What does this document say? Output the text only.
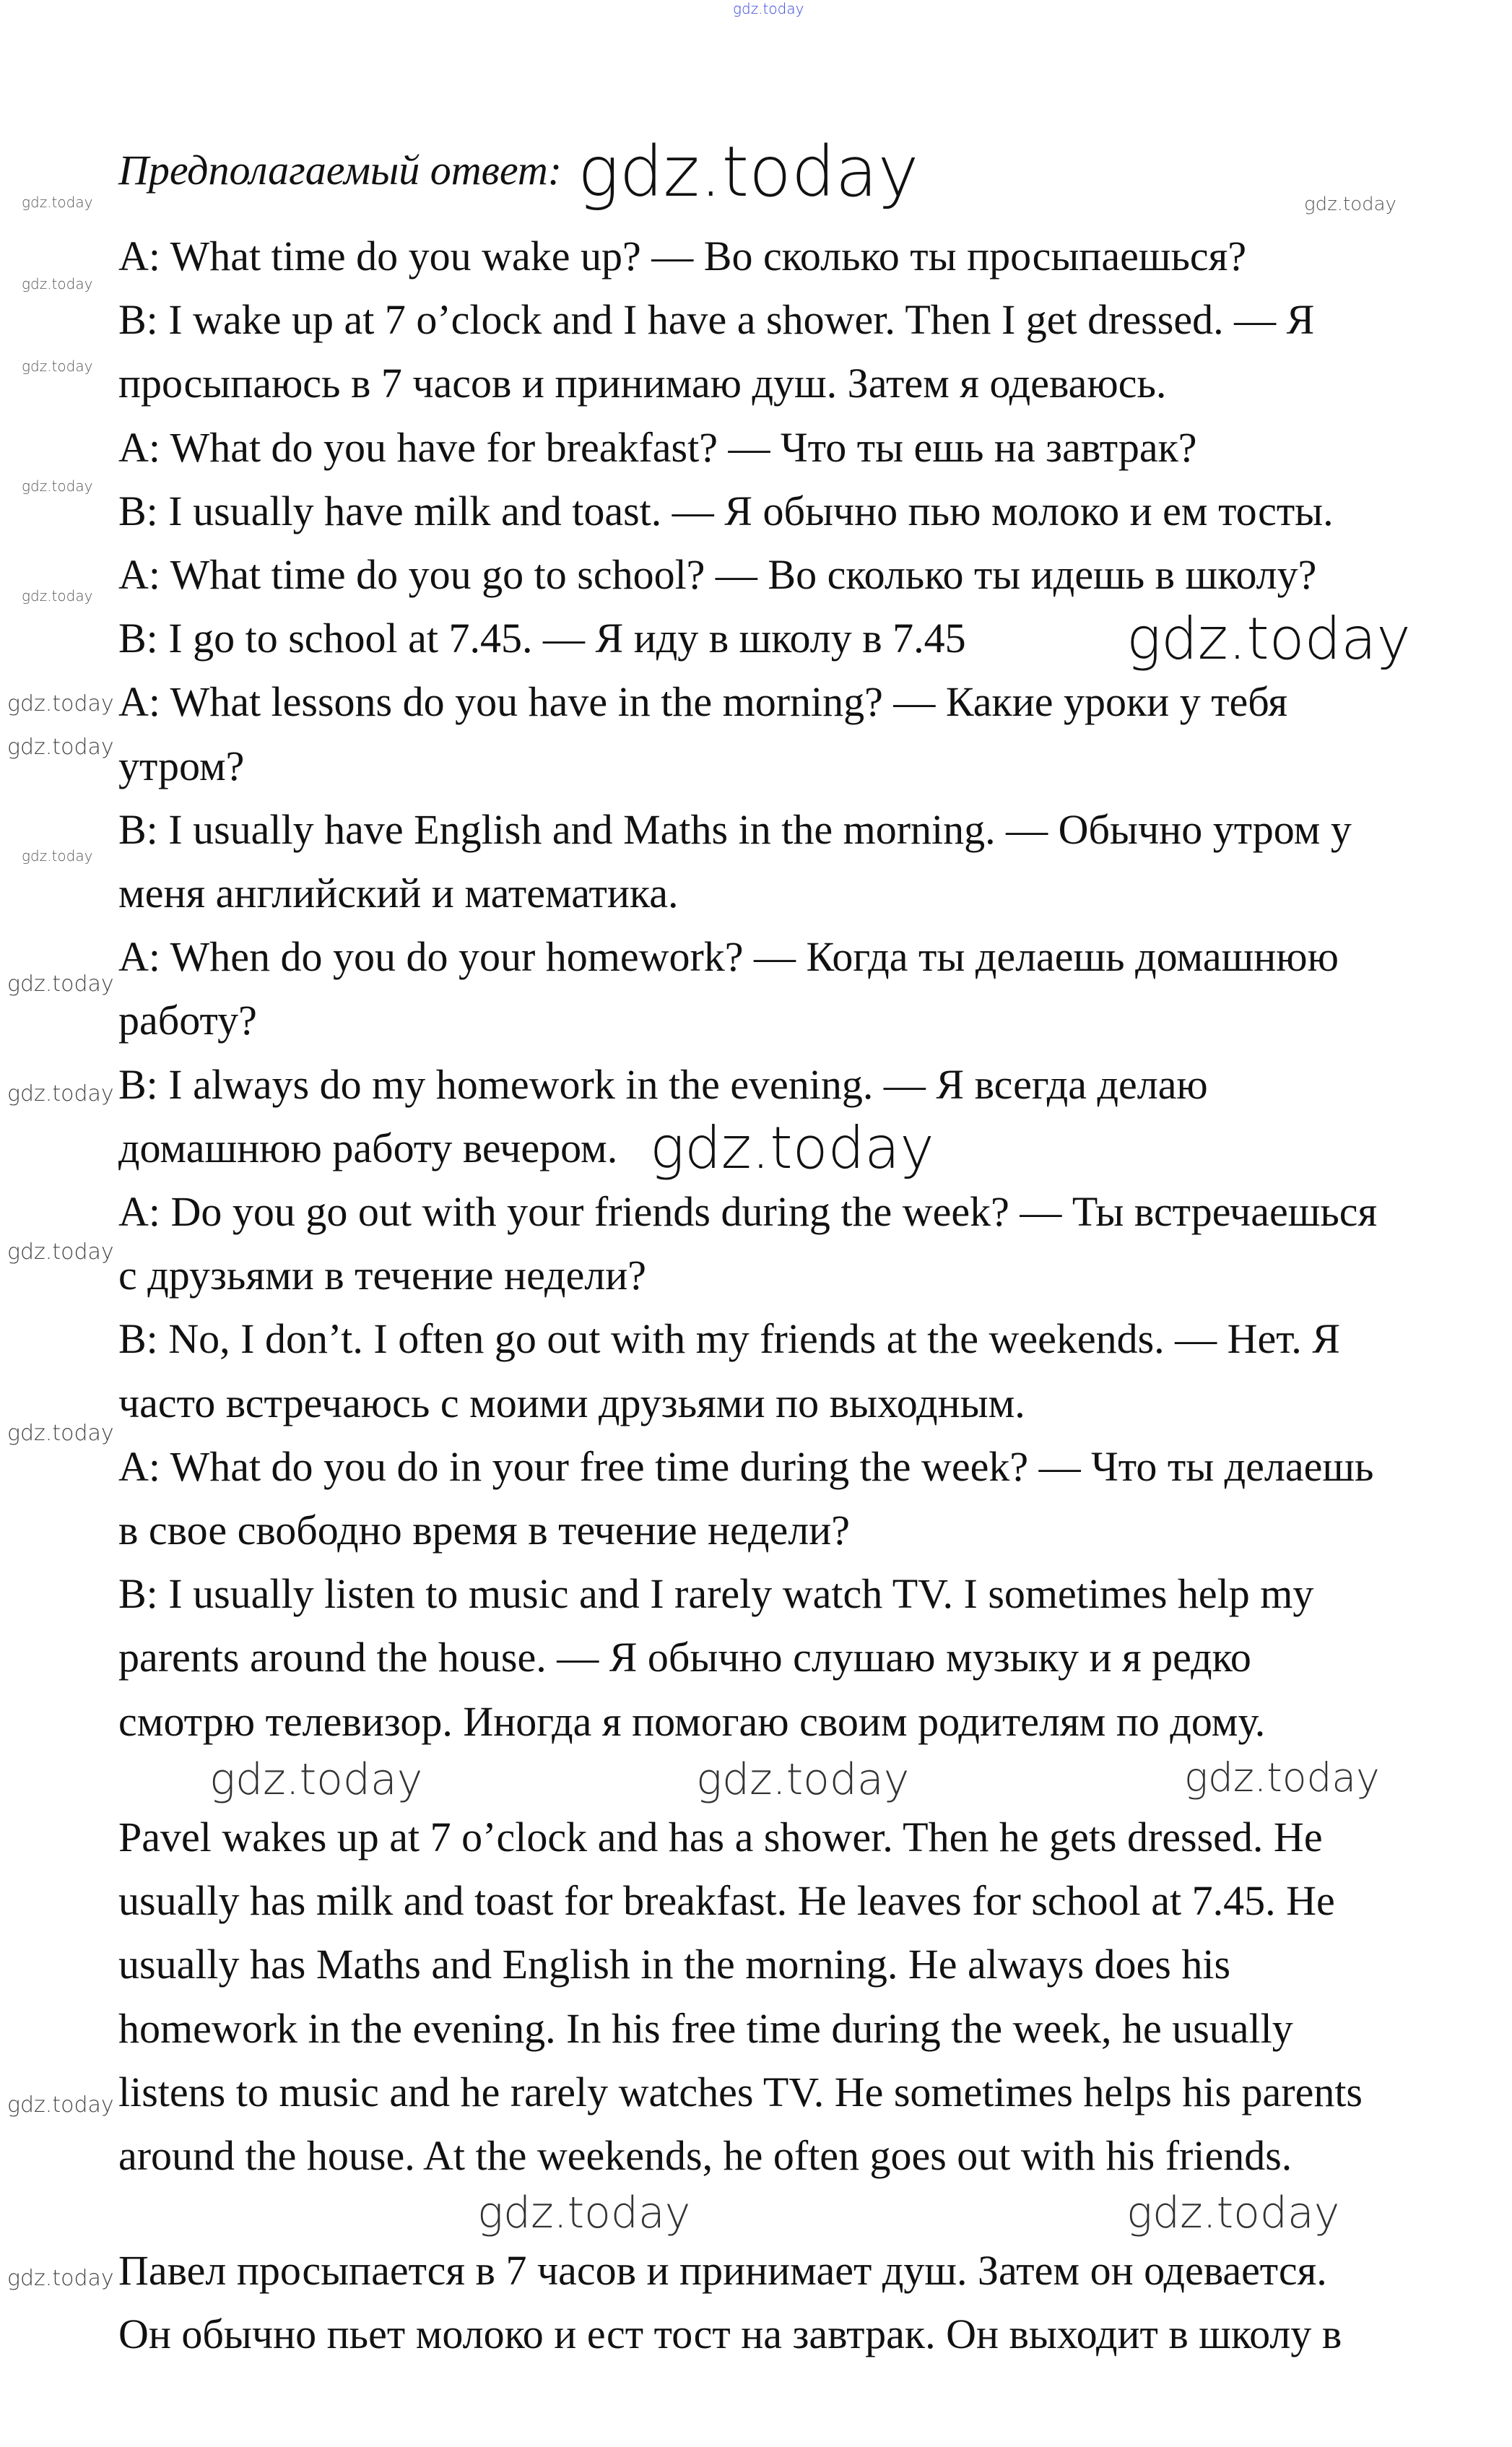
Предполагаемый ответ:
A: What time do you wake up? — Во сколько ты просыпаешься?
B: I wake up at 7 o’clock and I have a shower. Then I get dressed. — Я
просыпаюсь в 7 часов и принимаю душ. Затем я одеваюсь.
A: What do you have for breakfast? — Что ты ешь на завтрак?
B: I usually have milk and toast. — Я обычно пью молоко и ем тосты.
A: What time do you go to school? — Во сколько ты идешь в школу?
B: I go to school at 7.45. — Я иду в школу в 7.45
A: What lessons do you have in the morning? — Какие уроки у тебя
утром?
B: I usually have English and Maths in the morning. — Обычно утром у
меня английский и математика.
A: When do you do your homework? — Когда ты делаешь домашнюю
работу?
B: I always do my homework in the evening. — Я всегда делаю
домашнюю работу вечером.
A: Do you go out with your friends during the week? — Ты встречаешься
с друзьями в течение недели?
B: No, I don’t. I often go out with my friends at the weekends. — Нет. Я
часто встречаюсь с моими друзьями по выходным.
A: What do you do in your free time during the week? — Что ты делаешь
в свое свободно время в течение недели?
B: I usually listen to music and I rarely watch TV. I sometimes help my
parents around the house. — Я обычно слушаю музыку и я редко
смотрю телевизор. Иногда я помогаю своим родителям по дому.
Pavel wakes up at 7 o’clock and has a shower. Then he gets dressed. He
usually has milk and toast for breakfast. He leaves for school at 7.45. He
usually has Maths and English in the morning. He always does his
homework in the evening. In his free time during the week, he usually
listens to music and he rarely watches TV. He sometimes helps his parents
around the house. At the weekends, he often goes out with his friends.
Павел просыпается в 7 часов и принимает душ. Затем он одевается.
Он обычно пьет молоко и ест тост на завтрак. Он выходит в школу в
gdz.today
gdz.today
gdz.today	gdz.today
gdz.today
gdz.today
gdz.today
gdz.today
gdz.today
gdz.today
gdz.today
gdz.today
gdz.today
gdz.today
gdz.today
gdz.today
gdz.today
gdz.today	gdz.today	gdz.today
gdz.today
gdz.today	gdz.today
gdz.today
